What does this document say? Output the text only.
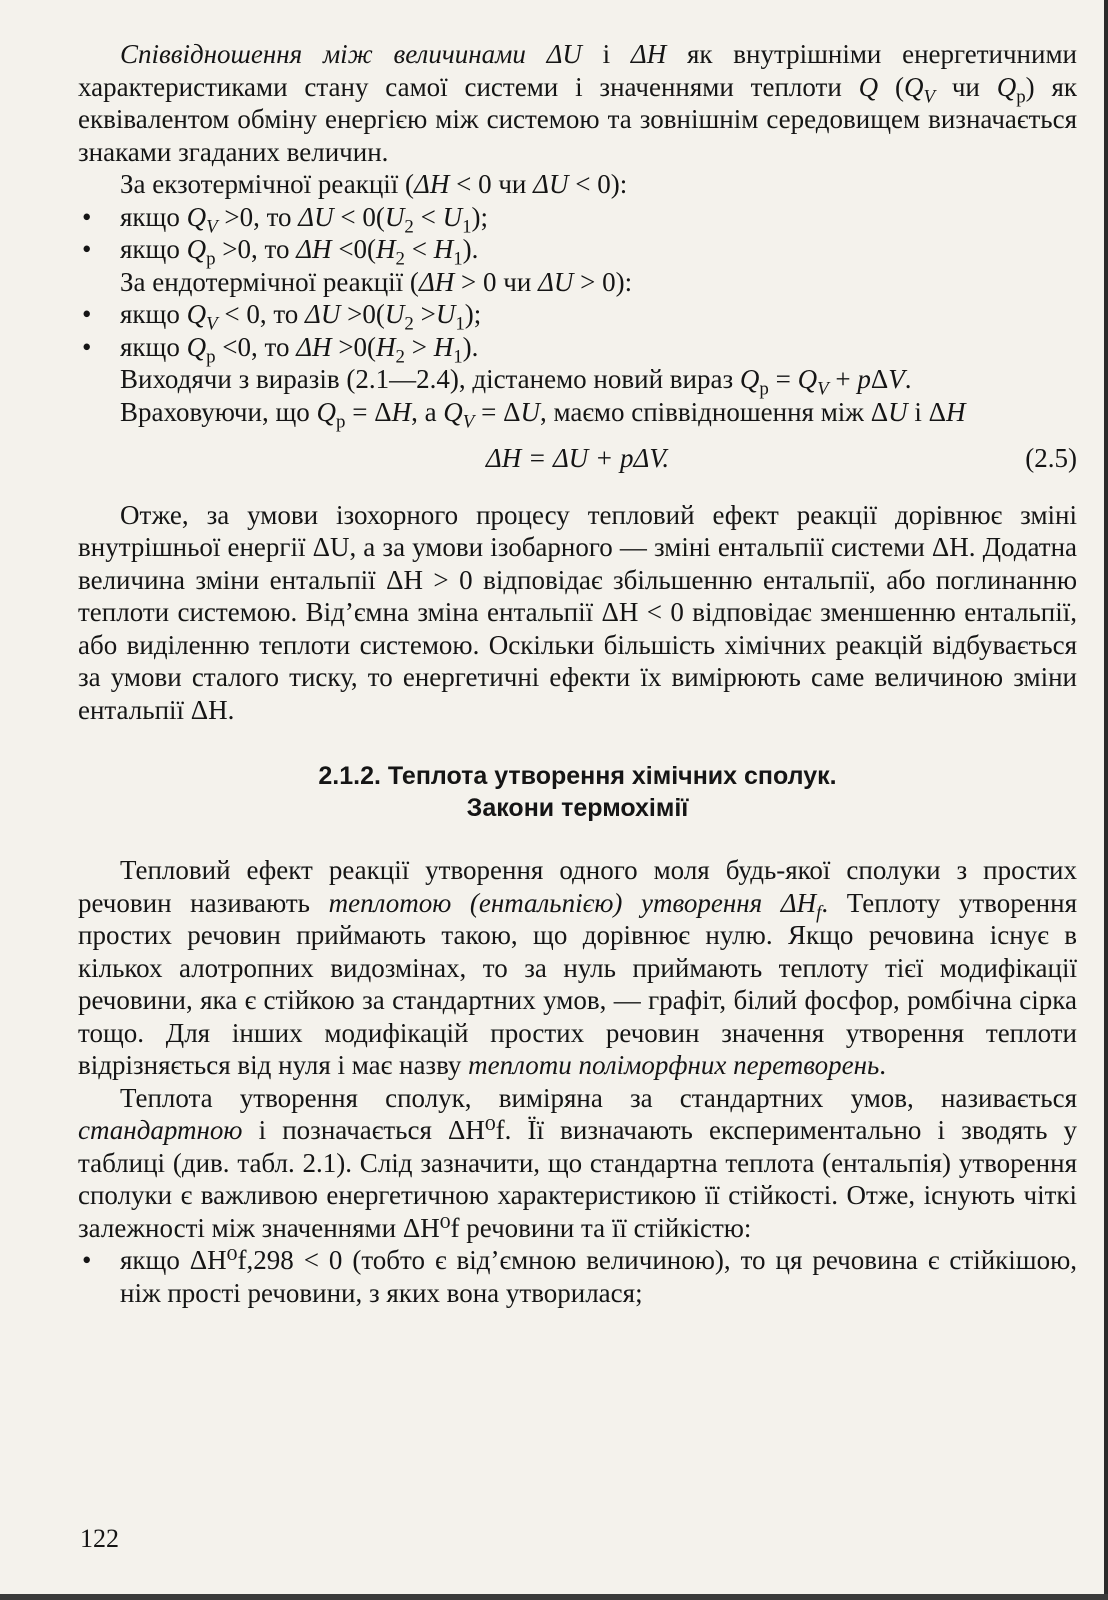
Співвідношення між величинами ΔU і ΔH як внутрішніми енергетичними характеристиками стану самої системи і значеннями теплоти Q ($Q_V$ чи $Q_p$) як еквівалентом обміну енергією між системою та зовнішнім середовищем визначається знаками згаданих величин.

За екзотермічної реакції (ΔH < 0 чи ΔU < 0):

• якщо $Q_V >0$, то $\Delta U < 0(U_2 < U_1)$;

• якщо $Q_p >0$, то $\Delta H <0(H_2 < H_1)$.

За ендотермічної реакції (ΔH > 0 чи ΔU > 0):

• якщо $Q_V < 0$, то $\Delta U >0(U_2 >U_1)$;

• якщо $Q_p <0$, то $\Delta H >0(H_2 > H_1)$.

Виходячи з виразів (2.1—2.4), дістанемо новий вираз $Q_p = Q_V + p\Delta V$.

Враховуючи, що $Q_p = \Delta H$, а $Q_V = \Delta U$, маємо співвідношення між ΔU і ΔH

ΔH = ΔU + pΔV.	(2.5)

Отже, за умови ізохорного процесу тепловий ефект реакції дорівнює зміні внутрішньої енергії ΔU, а за умови ізобарного — зміні ентальпії системи ΔH. Додатна величина зміни ентальпії ΔH > 0 відповідає збільшенню ентальпії, або поглинанню теплоти системою. Від’ємна зміна ентальпії ΔH < 0 відповідає зменшенню ентальпії, або виділенню теплоти системою. Оскільки більшість хімічних реакцій відбувається за умови сталого тиску, то енергетичні ефекти їх вимірюють саме величиною зміни ентальпії ΔH.

2.1.2. Теплота утворення хімічних сполук.
Закони термохімії

Тепловий ефект реакції утворення одного моля будь-якої сполуки з простих речовин називають теплотою (ентальпією) утворення $\Delta H_f$. Теплоту утворення простих речовин приймають такою, що дорівнює нулю. Якщо речовина існує в кількох алотропних видозмінах, то за нуль приймають теплоту тієї модифікації речовини, яка є стійкою за стандартних умов, — графіт, білий фосфор, ромбічна сірка тощо. Для інших модифікацій простих речовин значення утворення теплоти відрізняється від нуля і має назву теплоти поліморфних перетворень.

Теплота утворення сполук, виміряна за стандартних умов, називається стандартною і позначається ΔH⁰f. Її визначають експериментально і зводять у таблиці (див. табл. 2.1). Слід зазначити, що стандартна теплота (ентальпія) утворення сполуки є важливою енергетичною характеристикою її стійкості. Отже, існують чіткі залежності між значеннями ΔH⁰f речовини та її стійкістю:

• якщо ΔH⁰f,298 < 0 (тобто є від’ємною величиною), то ця речовина є стійкішою, ніж прості речовини, з яких вона утворилася;

122
